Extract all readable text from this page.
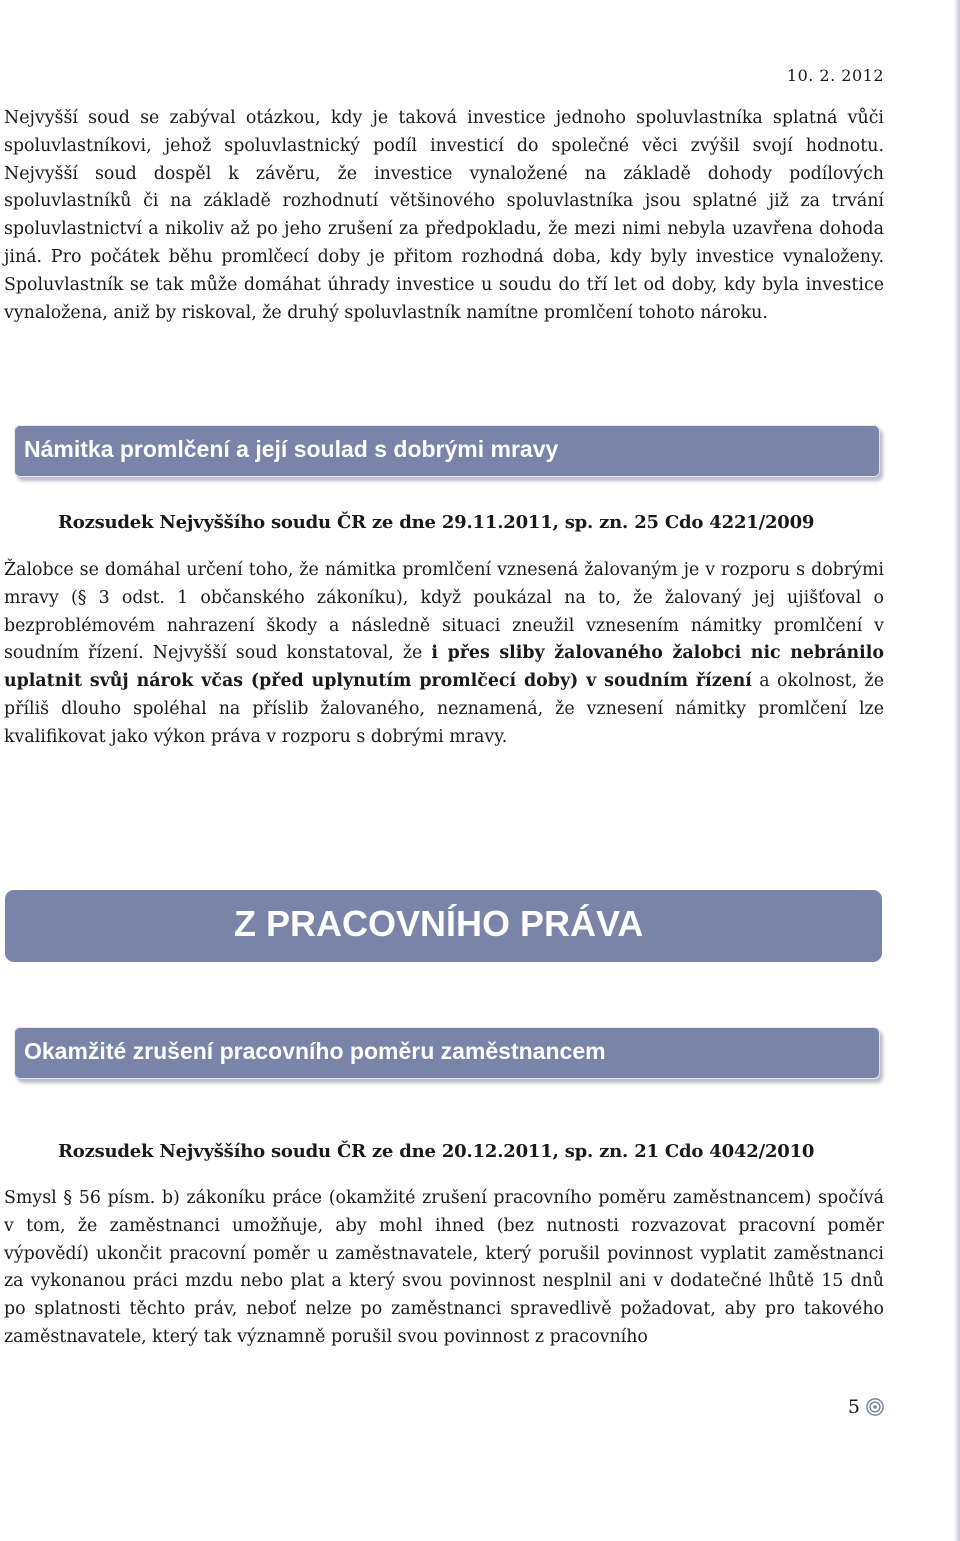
10. 2. 2012

Nejvyšší soud se zabýval otázkou, kdy je taková investice jednoho spoluvlastníka splatná vůči spoluvlastníkovi, jehož spoluvlastnický podíl investicí do společné věci zvýšil svojí hodnotu. Nejvyšší soud dospěl k závěru, že investice vynaložené na základě dohody podílových spoluvlastníků či na základě rozhodnutí většinového spoluvlastníka jsou splatné již za trvání spoluvlastnictví a nikoliv až po jeho zrušení za předpokladu, že mezi nimi nebyla uzavřena dohoda jiná. Pro počátek běhu promlčecí doby je přitom rozhodná doba, kdy byly investice vynaloženy. Spoluvlastník se tak může domáhat úhrady investice u soudu do tří let od doby, kdy byla investice vynaložena, aniž by riskoval, že druhý spoluvlastník namítne promlčení tohoto nároku.

Námitka promlčení a její soulad s dobrými mravy
Rozsudek Nejvyššího soudu ČR ze dne 29.11.2011, sp. zn. 25 Cdo 4221/2009

Žalobce se domáhal určení toho, že námitka promlčení vznesená žalovaným je v rozporu s dobrými mravy (§ 3 odst. 1 občanského zákoníku), když poukázal na to, že žalovaný jej ujišťoval o bezproblémovém nahrazení škody a následně situaci zneužil vznesením námitky promlčení v soudním řízení. Nejvyšší soud konstatoval, že i přes sliby žalovaného žalobci nic nebránilo uplatnit svůj nárok včas (před uplynutím promlčecí doby) v soudním řízení a okolnost, že příliš dlouho spoléhal na příslib žalovaného, neznamená, že vznesení námitky promlčení lze kvalifikovat jako výkon práva v rozporu s dobrými mravy.

Z PRACOVNÍHO PRÁVA
Okamžité zrušení pracovního poměru zaměstnancem
Rozsudek Nejvyššího soudu ČR ze dne 20.12.2011, sp. zn. 21 Cdo 4042/2010

Smysl § 56 písm. b) zákoníku práce (okamžité zrušení pracovního poměru zaměstnancem) spočívá v tom, že zaměstnanci umožňuje, aby mohl ihned (bez nutnosti rozvazovat pracovní poměr výpovědí) ukončit pracovní poměr u zaměstnavatele, který porušil povinnost vyplatit zaměstnanci za vykonanou práci mzdu nebo plat a který svou povinnost nesplnil ani v dodatečné lhůtě 15 dnů po splatnosti těchto práv, neboť nelze po zaměstnanci spravedlivě požadovat, aby pro takového zaměstnavatele, který tak významně porušil svou povinnost z pracovního

5
